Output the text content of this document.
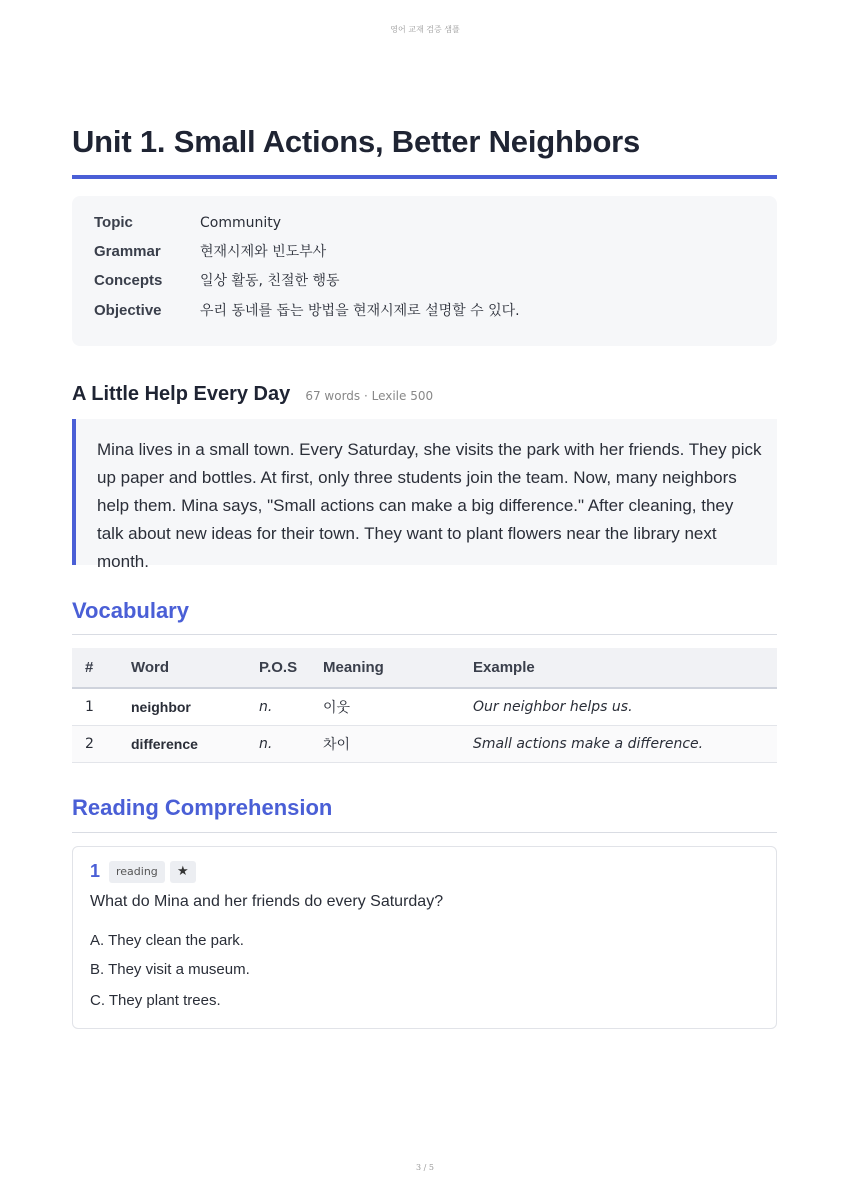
영어 교재 검증 샘플
Unit 1. Small Actions, Better Neighbors
Topic	Community
Grammar	현재시제와 빈도부사
Concepts	일상 활동, 친절한 행동
Objective	우리 동네를 돕는 방법을 현재시제로 설명할 수 있다.
A Little Help Every Day 67 words · Lexile 500

Mina lives in a small town. Every Saturday, she visits the park with her friends. They pick up paper and bottles. At first, only three students join the team. Now, many neighbors help them. Mina says, "Small actions can make a big difference." After cleaning, they talk about new ideas for their town. They want to plant flowers near the library next month.

Vocabulary
#	Word	P.O.S	Meaning	Example
1	neighbor	n.	이웃	Our neighbor helps us.
2	difference	n.	차이	Small actions make a difference.
Reading Comprehension
1	reading	★
What do Mina and her friends do every Saturday?
A. They clean the park.
B. They visit a museum.
C. They plant trees.
3 / 5
